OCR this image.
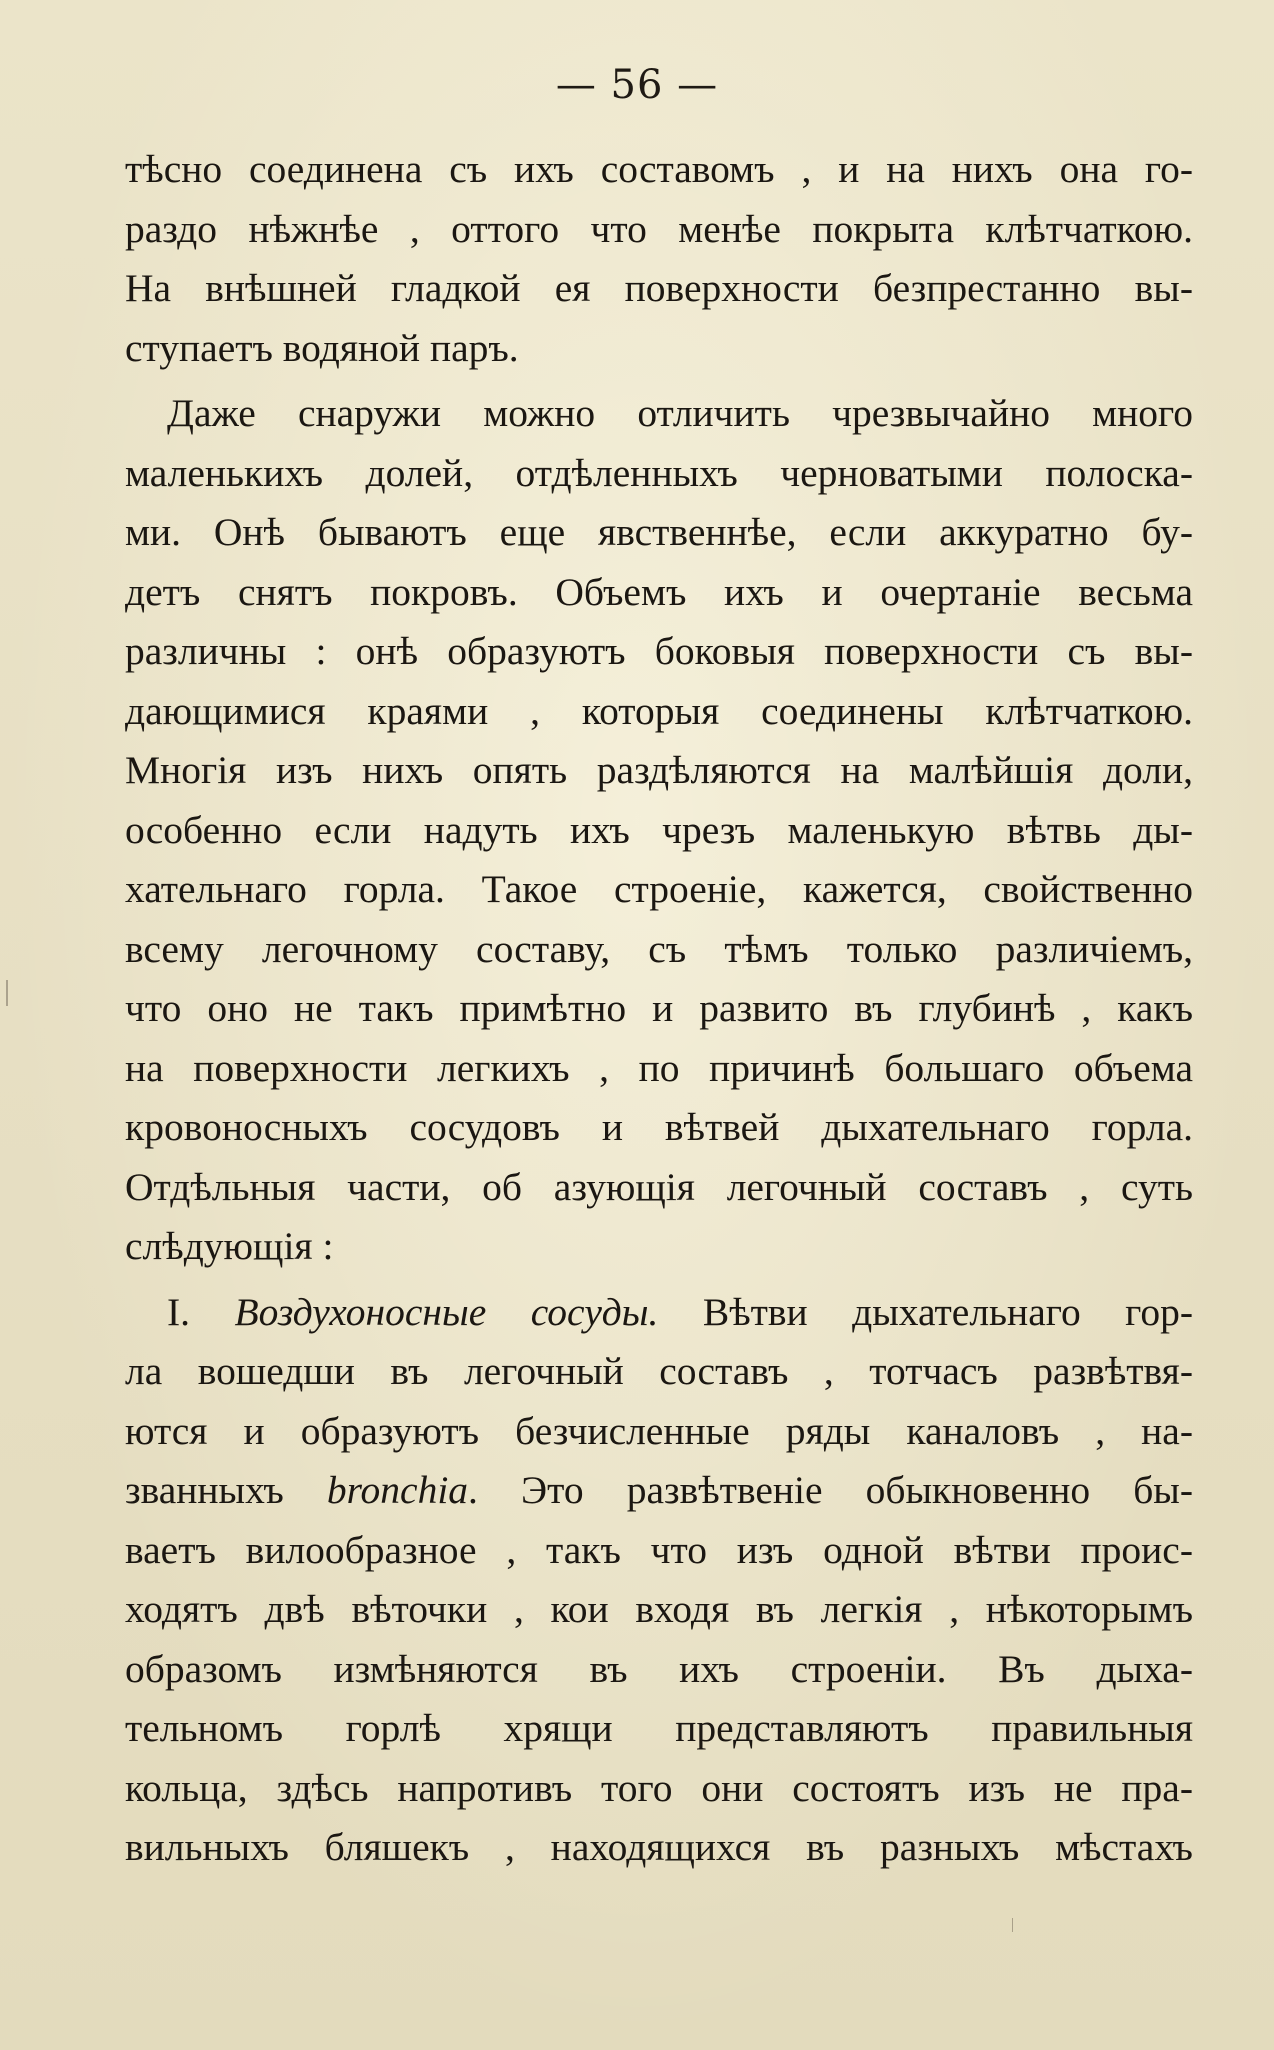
— 56 —
тѣсно соединена съ ихъ составомъ , и на нихъ она го-
раздо нѣжнѣе , оттого что менѣе покрыта клѣтчаткою.
На внѣшней гладкой ея поверхности безпрестанно вы-
ступаетъ водяной паръ.
Даже снаружи можно отличить чрезвычайно много
маленькихъ долей, отдѣленныхъ черноватыми полоска-
ми. Онѣ бываютъ еще явственнѣе, если аккуратно бу-
детъ снятъ покровъ. Объемъ ихъ и очертаніе весьма
различны : онѣ образуютъ боковыя поверхности съ вы-
дающимися краями , которыя соединены клѣтчаткою.
Многія изъ нихъ опять раздѣляются на малѣйшія доли,
особенно если надуть ихъ чрезъ маленькую вѣтвь ды-
хательнаго горла. Такое строеніе, кажется, свойственно
всему легочному составу, съ тѣмъ только различіемъ,
что оно не такъ примѣтно и развито въ глубинѣ , какъ
на поверхности легкихъ , по причинѣ большаго объема
кровоносныхъ сосудовъ и вѣтвей дыхательнаго горла.
Отдѣльныя части, об азующія легочный составъ , суть
слѣдующія :
I. Воздухоносные сосуды. Вѣтви дыхательнаго гор-
ла вошедши въ легочный составъ , тотчасъ развѣтвя-
ются и образуютъ безчисленные ряды каналовъ , на-
званныхъ bronchia. Это развѣтвеніе обыкновенно бы-
ваетъ вилообразное , такъ что изъ одной вѣтви проис-
ходятъ двѣ вѣточки , кои входя въ легкія , нѣкоторымъ
образомъ измѣняются въ ихъ строеніи. Въ дыха-
тельномъ горлѣ хрящи представляютъ правильныя
кольца, здѣсь напротивъ того они состоятъ изъ не пра-
вильныхъ бляшекъ , находящихся въ разныхъ мѣстахъ
